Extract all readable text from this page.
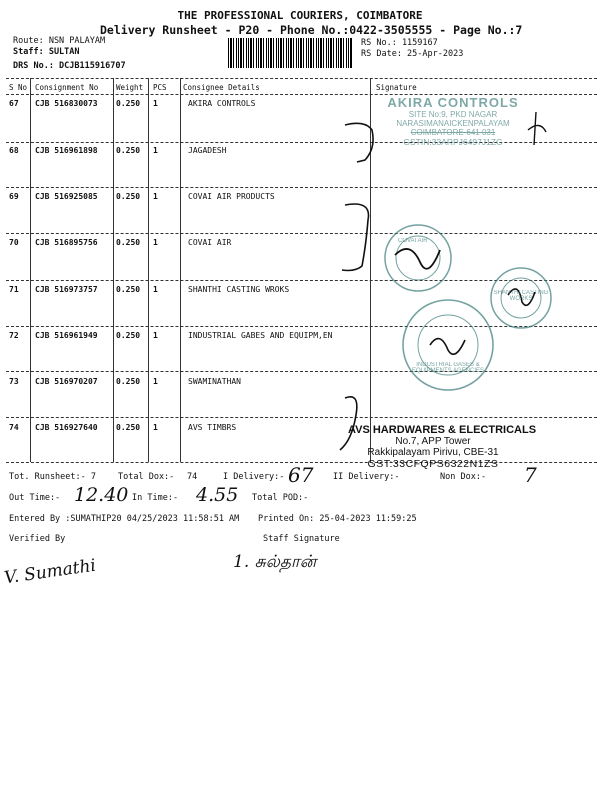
THE PROFESSIONAL COURIERS, COIMBATORE
Delivery Runsheet - P20 - Phone No.:0422-3505555 - Page No.:7
Route: NSN PALAYAM
Staff: SULTAN
DRS No.: DCJB115916707
RS No.: 1159167
RS Date: 25-Apr-2023
S No Consignment No Weight PCS Consignee Details	Signature
67 CJB 516830073 0.250 1	AKIRA CONTROLS
68 CJB 516961898 0.250 1	JAGADESH
69 CJB 516925085 0.250 1	COVAI AIR PRODUCTS
70 CJB 516895756 0.250 1	COVAI AIR
71 CJB 516973757 0.250 1	SHANTHI CASTING WROKS
72 CJB 516961949 0.250 1	INDUSTRIAL GABES AND EQUIPM,EN
73 CJB 516970207 0.250 1	SWAMINATHAN
74 CJB 516927640 0.250 1	AVS TIMBRS
AKIRA CONTROLS
SITE No:9, PKD NAGAR
NARASIMANAICKENPALAYAM
COIMBATORE-641 031
GSTIN:33ARPJ6497J1ZG
SHANTHI CASTING WORKS
INDUSTRIAL GASES & EQUIPMENTS AGENCIES
COVAI AIR
AVS HARDWARES & ELECTRICALS
No.7, APP Tower
Rakkipalayam Pirivu, CBE-31
GST:33CFQPS6322N1ZS
Tot. Runsheet:- 7	Total Dox:- 74	I Delivery:- 67 II Delivery:-	Non Dox:- 7
Out Time:- 12.40 In Time:- 4.55 Total POD:-
Entered By :SUMATHIP20 04/25/2023 11:58:51 AM Printed On: 25-04-2023 11:59:25
Verified By	Staff Signature
V. Sumathi	1. சுல்தான்
